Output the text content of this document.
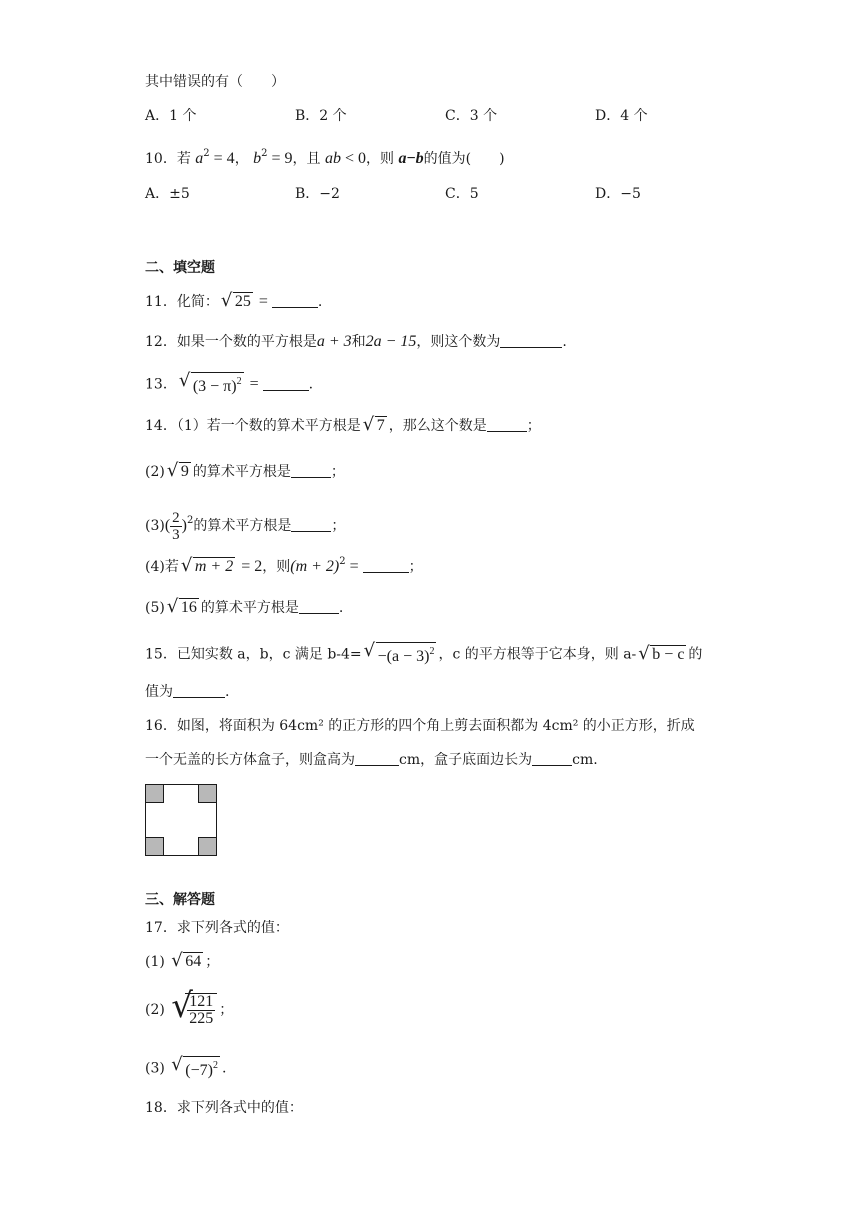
其中错误的有（　　）
A．1 个	B．2 个	C．3 个	D．4 个
10．若 $a^2 = 4$， $b^2 = 9$，且 ab < 0，则 a−b的值为(　　)
A．±5	B．−2	C．5	D．−5
二、填空题
11．化简： √ 25 =	.
12．如果一个数的平方根是a + 3和2a − 15，则这个数为	.
13． √ $(3 - \pi)^2$ =	.
14．（1）若一个数的算术平方根是 √ 7 ，那么这个数是	；
(2) √ 9 的算术平方根是	；
$(3)( \frac{2}{3} )^2$的算术平方根是	；
(4)若 √ m + 2 = 2，则$(m + 2)^2$ =	；
(5) √ 16 的算术平方根是	.
15．已知实数 a，b，c 满足 b-4= √ $-(a - 3)^2$ ，c 的平方根等于它本身，则 a- √ b − c 的
值为	.
16．如图，将面积为 64cm² 的正方形的四个角上剪去面积都为 4cm² 的小正方形，折成
一个无盖的长方体盒子，则盒高为	cm，盒子底面边长为	cm.
三、解答题
17．求下列各式的值：
(1) √ 64 ；
(2) √
$\frac{121}{225}$ ；
(3) √ $(-7)^2$ .
18．求下列各式中的值：
